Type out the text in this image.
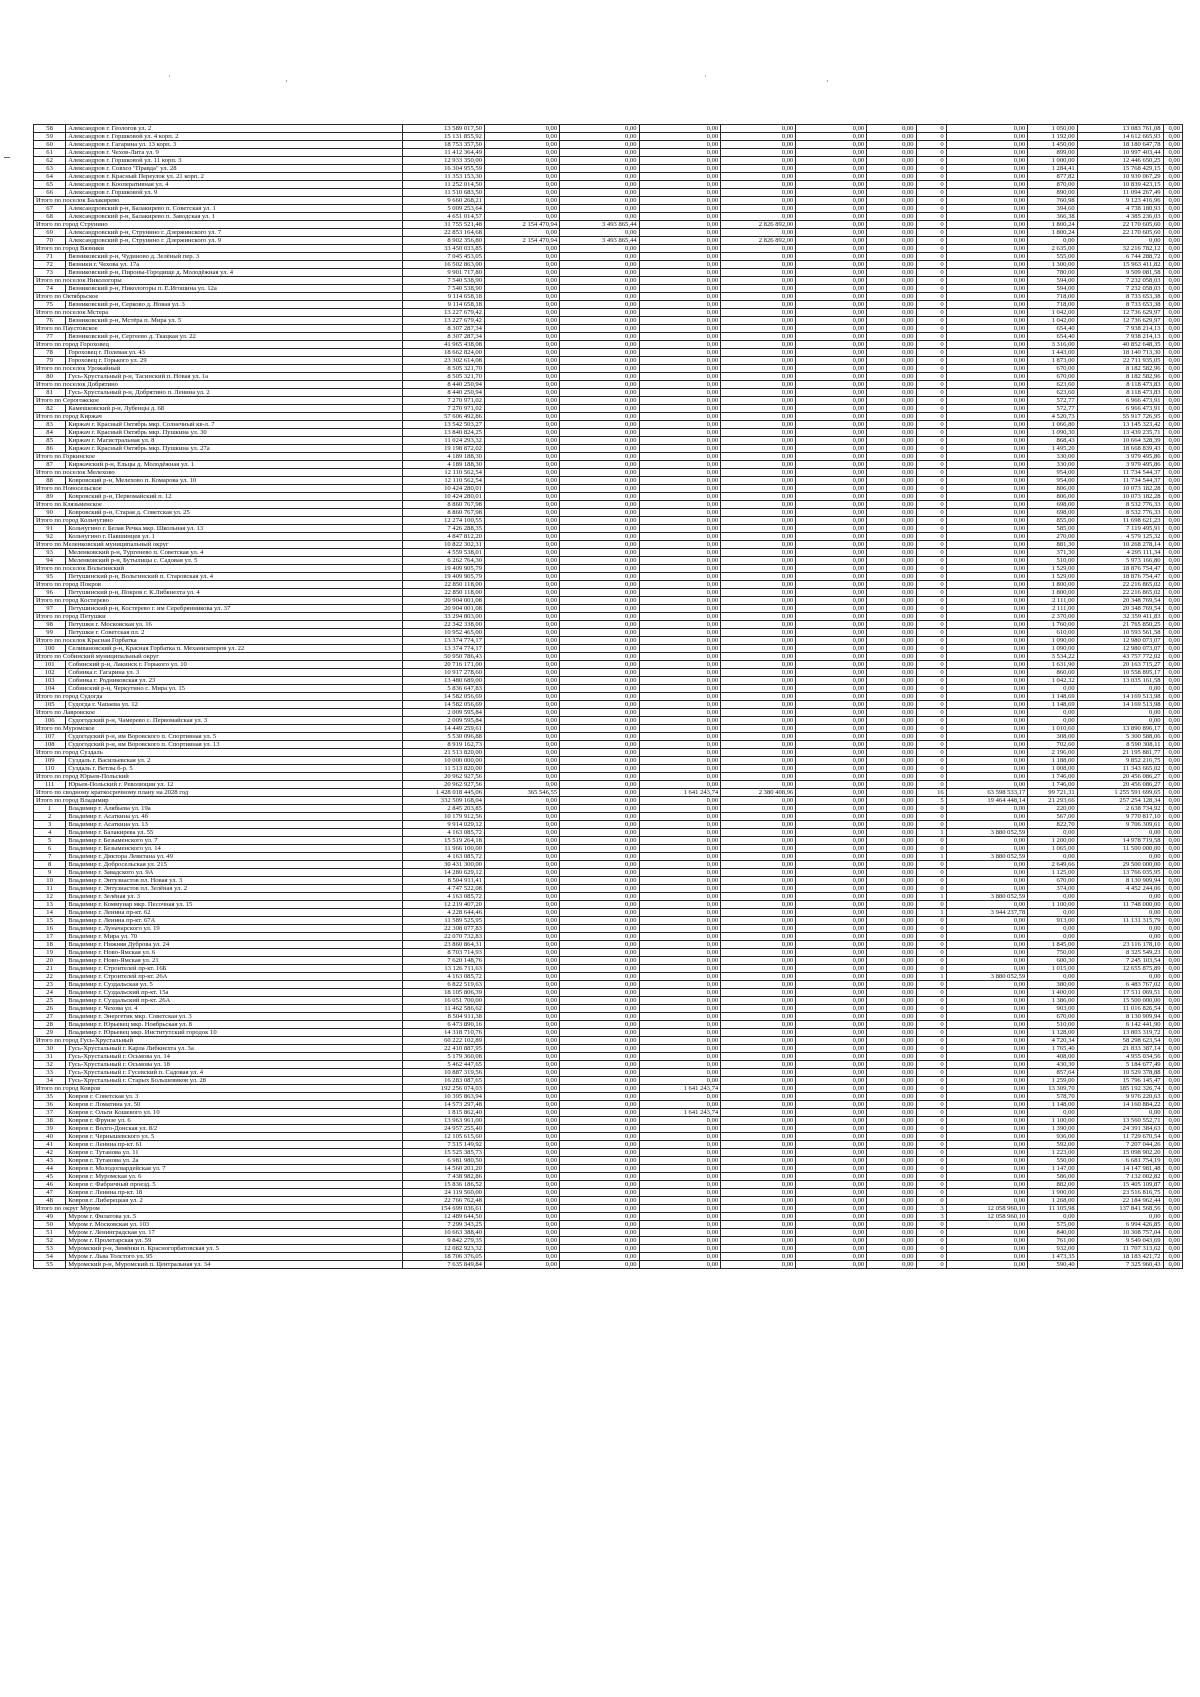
˙	·	˙	·
58	Александров г. Геологов ул. 2	13 589 017,50	0,00	0,00	0,00	0,00	0,00	0,00	0	0,00	1 050,00	13 083 761,08	0,00
59	Александров г. Горшковой ул. 4 корп. 2	15 131 855,92	0,00	0,00	0,00	0,00	0,00	0,00	0	0,00	1 192,00	14 612 665,93	0,00
60	Александров г. Гагарина ул. 13 корп. 3	18 753 357,50	0,00	0,00	0,00	0,00	0,00	0,00	0	0,00	1 450,00	18 180 647,78	0,00
61	Александров г. Чехов-Лита ул. 9	11 412 364,49	0,00	0,00	0,00	0,00	0,00	0,00	0	0,00	899,00	10 997 403,44	0,00
62	Александров г. Горшковой ул. 11 корп. 3	12 933 350,00	0,00	0,00	0,00	0,00	0,00	0,00	0	0,00	1 000,00	12 446 650,25	0,00
63	Александров г. Совхоз "Правда" ул. 28	16 304 955,59	0,00	0,00	0,00	0,00	0,00	0,00	0	0,00	1 284,41	15 768 429,15	0,00
64	Александров г. Красный Переулок ул. 21 корп. 2	11 353 153,30	0,00	0,00	0,00	0,00	0,00	0,00	0	0,00	877,82	10 939 067,29	0,00
65	Александров г. Кооперативная ул. 4	11 252 014,50	0,00	0,00	0,00	0,00	0,00	0,00	0	0,00	870,00	10 839 423,15	0,00
66	Александров г. Горшковой ул. 9	11 510 683,50	0,00	0,00	0,00	0,00	0,00	0,00	0	0,00	890,00	11 094 267,49	0,00
Итого по поселок Балакирево		9 660 268,21	0,00	0,00	0,00	0,00	0,00	0,00	0	0,00	760,98	9 123 416,96	0,00
67	Александровский р-н, Балакирево п. Советская ул. 1	5 009 253,64	0,00	0,00	0,00	0,00	0,00	0,00	0	0,00	394,60	4 738 180,93	0,00
68	Александровский р-н, Балакирево п. Заводская ул. 1	4 651 014,57	0,00	0,00	0,00	0,00	0,00	0,00	0	0,00	366,38	4 385 236,03	0,00
Итого по город Струнино		31 755 521,48	2 154 470,94	3 493 865,44	0,00	2 826 892,00	0,00	0,00	0	0,00	1 800,24	22 170 605,60	0,00
69	Александровский р-н, Струнино г. Дзержинского ул. 7	22 853 164,68	0,00	0,00	0,00	0,00	0,00	0,00	0	0,00	1 800,24	22 170 605,60	0,00
70	Александровский р-н, Струнино г. Дзержинского ул. 9	8 902 356,80	2 154 470,94	3 493 865,44	0,00	2 826 892,00	0,00	0,00	0	0,00	0,00	0,00	0,00
Итого по город Вязники		33 450 033,85	0,00	0,00	0,00	0,00	0,00	0,00	0	0,00	2 635,00	32 216 782,12	0,00
71	Вязниковский р-н, Чудиново д. Зелёный пер. 3	7 045 453,05	0,00	0,00	0,00	0,00	0,00	0,00	0	0,00	555,00	6 744 288,72	0,00
72	Вязники г. Чехова ул. 17а	16 502 863,00	0,00	0,00	0,00	0,00	0,00	0,00	0	0,00	1 300,00	15 963 411,82	0,00
73	Вязниковский р-н, Пироны-Городище д. Молодёжная ул. 4	9 901 717,80	0,00	0,00	0,00	0,00	0,00	0,00	0	0,00	780,00	9 509 081,58	0,00
Итого по поселок Никологоры		7 540 538,90	0,00	0,00	0,00	0,00	0,00	0,00	0	0,00	594,00	7 232 058,03	0,00
74	Вязниковский р-н, Никологоры п. Е.Игошина ул. 12а	7 540 538,90	0,00	0,00	0,00	0,00	0,00	0,00	0	0,00	594,00	7 232 058,03	0,00
Итого по Октябрьское		9 114 658,18	0,00	0,00	0,00	0,00	0,00	0,00	0	0,00	718,00	8 733 653,38	0,00
75	Вязниковский р-н, Серково д. Новая ул. 3	9 114 658,18	0,00	0,00	0,00	0,00	0,00	0,00	0	0,00	718,00	8 733 653,38	0,00
Итого по поселок Мстера		13 227 679,42	0,00	0,00	0,00	0,00	0,00	0,00	0	0,00	1 042,00	12 736 629,97	0,00
76	Вязниковский р-н, Мстёра п. Мира ул. 5	13 227 679,42	0,00	0,00	0,00	0,00	0,00	0,00	0	0,00	1 042,00	12 736 629,97	0,00
Итого по Паустовское		8 307 287,34	0,00	0,00	0,00	0,00	0,00	0,00	0	0,00	654,40	7 938 214,13	0,00
77	Вязниковский р-н, Сергеево д. Ткацкая ул. 22	8 307 287,34	0,00	0,00	0,00	0,00	0,00	0,00	0	0,00	654,40	7 938 214,13	0,00
Итого по город Гороховец		41 965 438,08	0,00	0,00	0,00	0,00	0,00	0,00	0	0,00	3 316,00	40 852 648,35	0,00
78	Гороховец г. Полевая ул. 43	18 662 824,00	0,00	0,00	0,00	0,00	0,00	0,00	0	0,00	1 443,00	18 140 713,30	0,00
79	Гороховец г. Горького ул. 29	23 302 614,08	0,00	0,00	0,00	0,00	0,00	0,00	0	0,00	1 873,00	22 711 935,05	0,00
Итого по поселок Урожайный		8 505 321,70	0,00	0,00	0,00	0,00	0,00	0,00	0	0,00	670,00	8 182 582,96	0,00
80	Гусь-Хрустальный р-н, Тасинский п. Новая ул. 1а	8 505 321,70	0,00	0,00	0,00	0,00	0,00	0,00	0	0,00	670,00	8 182 582,96	0,00
Итого по поселок Добрятино		8 440 250,94	0,00	0,00	0,00	0,00	0,00	0,00	0	0,00	623,60	8 118 473,83	0,00
81	Гусь-Хрустальный р-н, Добрятино п. Ленина ул. 2	8 440 250,94	0,00	0,00	0,00	0,00	0,00	0,00	0	0,00	623,60	8 118 473,83	0,00
Итого по Серогожское		7 270 971,02	0,00	0,00	0,00	0,00	0,00	0,00	0	0,00	572,77	6 966 473,91	0,00
82	Камешковский р-н, Лубенцы д. 68	7 270 971,02	0,00	0,00	0,00	0,00	0,00	0,00	0	0,00	572,77	6 966 473,91	0,00
Итого по город Киржач		57 606 492,86	0,00	0,00	0,00	0,00	0,00	0,00	0	0,00	4 520,73	55 917 726,95	0,00
83	Киржач г. Красный Октябрь мкр. Солнечный кв-л. 7	13 542 503,27	0,00	0,00	0,00	0,00	0,00	0,00	0	0,00	1 066,80	13 145 323,42	0,00
84	Киржач г. Красный Октябрь мкр. Пушкина ул. 30	13 840 824,25	0,00	0,00	0,00	0,00	0,00	0,00	0	0,00	1 090,30	13 439 235,71	0,00
85	Киржач г. Магистральная ул. 8	11 024 293,32	0,00	0,00	0,00	0,00	0,00	0,00	0	0,00	868,43	10 664 328,39	0,00
86	Киржач г. Красный Октябрь мкр. Пушкина ул. 27а	19 198 872,02	0,00	0,00	0,00	0,00	0,00	0,00	0	0,00	1 495,20	18 668 839,43	0,00
Итого по Горкинское		4 189 188,30	0,00	0,00	0,00	0,00	0,00	0,00	0	0,00	330,00	3 979 495,86	0,00
87	Киржачский р-н, Ельцы д. Молодёжная ул. 1	4 189 188,30	0,00	0,00	0,00	0,00	0,00	0,00	0	0,00	330,00	3 979 495,86	0,00
Итого по поселок Мелехово		12 110 562,54	0,00	0,00	0,00	0,00	0,00	0,00	0	0,00	954,00	11 734 544,37	0,00
88	Ковровский р-н, Мелехово п. Комарова ул. 10	12 110 562,54	0,00	0,00	0,00	0,00	0,00	0,00	0	0,00	954,00	11 734 544,37	0,00
Итого по Новосельское		10 424 280,01	0,00	0,00	0,00	0,00	0,00	0,00	0	0,00	806,00	10 073 182,28	0,00
89	Ковровский р-н, Первомайский п. 12	10 424 280,01	0,00	0,00	0,00	0,00	0,00	0,00	0	0,00	806,00	10 073 182,28	0,00
Итого по Клязьменское		8 860 767,98	0,00	0,00	0,00	0,00	0,00	0,00	0	0,00	698,00	8 532 776,33	0,00
90	Ковровский р-н, Старая д. Советская ул. 25	8 860 767,98	0,00	0,00	0,00	0,00	0,00	0,00	0	0,00	698,00	8 532 776,33	0,00
Итого по город Кольчугино		12 274 100,55	0,00	0,00	0,00	0,00	0,00	0,00	0	0,00	855,00	11 698 621,23	0,00
91	Кольчугино г. Белая Речка мкр. Школьная ул. 13	7 426 288,35	0,00	0,00	0,00	0,00	0,00	0,00	0	0,00	585,00	7 119 495,91	0,00
92	Кольчугино г. Павшинцев ул. 1	4 847 812,20	0,00	0,00	0,00	0,00	0,00	0,00	0	0,00	270,00	4 579 125,32	0,00
Итого по Меленковский муниципальный округ		10 822 302,31	0,00	0,00	0,00	0,00	0,00	0,00	0	0,00	881,30	10 268 278,14	0,00
93	Меленковский р-н, Тургенево п. Советская ул. 4	4 559 538,01	0,00	0,00	0,00	0,00	0,00	0,00	0	0,00	371,30	4 295 111,34	0,00
94	Меленковский р-н, Бутылицы с. Садовая ул. 5	6 262 764,30	0,00	0,00	0,00	0,00	0,00	0,00	0	0,00	510,00	5 973 166,80	0,00
Итого по поселок Вольгинский		19 409 905,79	0,00	0,00	0,00	0,00	0,00	0,00	0	0,00	1 529,00	18 876 754,47	0,00
95	Петушинский р-н, Вольгинский п. Старовская ул. 4	19 409 905,79	0,00	0,00	0,00	0,00	0,00	0,00	0	0,00	1 529,00	18 876 754,47	0,00
Итого по город Покров		22 850 118,00	0,00	0,00	0,00	0,00	0,00	0,00	0	0,00	1 800,00	22 216 865,02	0,00
96	Петушинский р-н, Покров г. К.Либкнехта ул. 4	22 850 118,00	0,00	0,00	0,00	0,00	0,00	0,00	0	0,00	1 800,00	22 216 865,02	0,00
Итого по город Костерево		20 904 001,08	0,00	0,00	0,00	0,00	0,00	0,00	0	0,00	2 111,00	20 348 769,54	0,00
97	Петушинский р-н, Костерево г. им Серебрянникова ул. 37	20 904 001,08	0,00	0,00	0,00	0,00	0,00	0,00	0	0,00	2 111,00	20 348 769,54	0,00
Итого по город Петушки		33 294 803,00	0,00	0,00	0,00	0,00	0,00	0,00	0	0,00	2 370,00	32 359 411,83	0,00
98	Петушки г. Московская ул. 16	22 342 338,00	0,00	0,00	0,00	0,00	0,00	0,00	0	0,00	1 760,00	21 765 850,25	0,00
99	Петушки г. Советская пл. 2	10 952 465,00	0,00	0,00	0,00	0,00	0,00	0,00	0	0,00	610,00	10 593 561,58	0,00
Итого по поселок Красная Горбатка		13 374 774,17	0,00	0,00	0,00	0,00	0,00	0,00	0	0,00	1 090,00	12 980 073,07	0,00
100	Селивановский р-н, Красная Горбатка п. Механизаторов ул. 22	13 374 774,17	0,00	0,00	0,00	0,00	0,00	0,00	0	0,00	1 090,00	12 980 073,07	0,00
Итого по Собинский муниципальный округ		50 950 786,43	0,00	0,00	0,00	0,00	0,00	0,00	0	0,00	3 534,22	43 757 772,02	0,00
101	Собинский р-н, Лакинск г. Горького ул. 10	20 716 171,00	0,00	0,00	0,00	0,00	0,00	0,00	0	0,00	1 631,90	20 163 715,27	0,00
102	Собинка г. Гагарина ул. 3	10 917 278,60	0,00	0,00	0,00	0,00	0,00	0,00	0	0,00	860,00	10 558 895,17	0,00
103	Собинка г. Родниковская ул. 23	13 480 689,00	0,00	0,00	0,00	0,00	0,00	0,00	0	0,00	1 042,32	13 035 161,58	0,00
104	Собинский р-н, Черкутино с. Мира ул. 15	5 836 647,83	0,00	0,00	0,00	0,00	0,00	0,00	0	0,00	0,00	0,00	0,00
Итого по город Судогда		14 582 056,69	0,00	0,00	0,00	0,00	0,00	0,00	0	0,00	1 148,69	14 169 513,98	0,00
105	Судогда г. Чапаева ул. 12	14 582 056,69	0,00	0,00	0,00	0,00	0,00	0,00	0	0,00	1 148,69	14 169 513,98	0,00
Итого по Лавровское		2 009 595,84	0,00	0,00	0,00	0,00	0,00	0,00	0	0,00	0,00	0,00	0,00
106	Судогодский р-н, Чамерево с. Первомайская ул. 3	2 009 595,84	0,00	0,00	0,00	0,00	0,00	0,00	0	0,00	0,00	0,00	0,00
Итого по Муромское		14 449 259,61	0,00	0,00	0,00	0,00	0,00	0,00	0	0,00	1 010,60	13 890 896,17	0,00
107	Судогодский р-н, им Воровского п. Спортивная ул. 5	5 530 096,88	0,00	0,00	0,00	0,00	0,00	0,00	0	0,00	308,00	5 300 588,06	0,00
108	Судогодский р-н, им Воровского п. Спортивная ул. 13	8 919 162,73	0,00	0,00	0,00	0,00	0,00	0,00	0	0,00	702,60	8 590 308,11	0,00
Итого по город Суздаль		21 513 820,00	0,00	0,00	0,00	0,00	0,00	0,00	0	0,00	2 196,00	21 195 881,77	0,00
109	Суздаль г. Васильевская ул. 2	10 000 000,00	0,00	0,00	0,00	0,00	0,00	0,00	0	0,00	1 188,00	9 852 216,75	0,00
110	Суздаль г. Ветлы б-р. 5	11 513 820,00	0,00	0,00	0,00	0,00	0,00	0,00	0	0,00	1 008,00	11 343 665,02	0,00
Итого по город Юрьев-Польский		20 962 927,56	0,00	0,00	0,00	0,00	0,00	0,00	0	0,00	1 746,00	20 456 086,27	0,00
111	Юрьев-Польский г. Революции ул. 12	20 962 927,56	0,00	0,00	0,00	0,00	0,00	0,00	0	0,00	1 746,00	20 456 086,27	0,00
Итого по сводному краткосрочному плану на 2028 год		1 428 018 445,06	365 546,55	0,00	1 641 243,74	2 380 408,96	0,00	0,00	16	63 598 533,17	99 721,31	1 255 591 699,65	0,00
Итого по город Владимир		332 509 168,04	0,00	0,00	0,00	0,00	0,00	0,00	5	19 464 448,14	21 293,66	257 254 128,34	0,00
1	Владимир г. Алябьева ул. 19а	2 845 203,85	0,00	0,00	0,00	0,00	0,00	0,00	0	0,00	220,00	2 638 734,92	0,00
2	Владимир г. Асаткина ул. 4б	10 179 912,56	0,00	0,00	0,00	0,00	0,00	0,00	0	0,00	567,00	9 770 817,10	0,00
3	Владимир г. Асаткина ул. 13	9 914 029,12	0,00	0,00	0,00	0,00	0,00	0,00	0	0,00	822,70	9 706 309,61	0,00
4	Владимир г. Балакирева ул. 55	4 163 085,72	0,00	0,00	0,00	0,00	0,00	0,00	1	3 880 052,59	0,00	0,00	0,00
5	Владимир г. Безыменского ул. 7	15 519 264,18	0,00	0,00	0,00	0,00	0,00	0,00	0	0,00	1 200,00	14 978 719,58	0,00
6	Владимир г. Безыменского ул. 14	11 966 100,00	0,00	0,00	0,00	0,00	0,00	0,00	0	0,00	1 065,00	11 500 000,00	0,00
7	Владимир г. Диктора Левитана ул. 49	4 163 085,72	0,00	0,00	0,00	0,00	0,00	0,00	1	3 880 052,59	0,00	0,00	0,00
8	Владимир г. Добросельская ул. 215	30 431 300,00	0,00	0,00	0,00	0,00	0,00	0,00	0	0,00	2 649,66	29 500 000,00	0,00
9	Владимир г. Завадского ул. 9А	14 280 629,12	0,00	0,00	0,00	0,00	0,00	0,00	0	0,00	1 125,00	13 766 035,95	0,00
10	Владимир г. Энтузиастов пл. Новая ул. 3	8 504 911,41	0,00	0,00	0,00	0,00	0,00	0,00	0	0,00	670,00	8 130 909,94	0,00
11	Владимир г. Энтузиастов пл. Зелёная ул. 2	4 747 522,08	0,00	0,00	0,00	0,00	0,00	0,00	0	0,00	374,00	4 452 244,06	0,00
12	Владимир г. Зелёная ул. 3	4 163 085,72	0,00	0,00	0,00	0,00	0,00	0,00	1	3 880 052,59	0,00	0,00	0,00
13	Владимир г. Коммунар мкр. Песочная ул. 15	12 219 407,20	0,00	0,00	0,00	0,00	0,00	0,00	0	0,00	1 100,00	11 748 000,00	0,00
14	Владимир г. Ленина пр-кт. 62	4 228 644,46	0,00	0,00	0,00	0,00	0,00	0,00	1	3 944 237,78	0,00	0,00	0,00
15	Владимир г. Ленина пр-кт. 67А	11 589 525,95	0,00	0,00	0,00	0,00	0,00	0,00	0	0,00	913,00	11 131 315,79	0,00
16	Владимир г. Луначарского ул. 19	22 308 077,83	0,00	0,00	0,00	0,00	0,00	0,00	0	0,00	0,00	0,00	0,00
17	Владимир г. Мира ул. 70	22 070 732,83	0,00	0,00	0,00	0,00	0,00	0,00	0	0,00	0,00	0,00	0,00
18	Владимир г. Нижняя Дуброва ул. 24	23 860 864,31	0,00	0,00	0,00	0,00	0,00	0,00	0	0,00	1 845,00	23 116 178,10	0,00
19	Владимир г. Ново-Ямская ул. 6	8 703 714,93	0,00	0,00	0,00	0,00	0,00	0,00	0	0,00	750,00	8 325 549,23	0,00
20	Владимир г. Ново-Ямская ул. 21	7 620 148,76	0,00	0,00	0,00	0,00	0,00	0,00	0	0,00	600,30	7 245 103,54	0,00
21	Владимир г. Строителей пр-кт. 16Б	13 126 711,63	0,00	0,00	0,00	0,00	0,00	0,00	0	0,00	1 015,00	12 655 875,89	0,00
22	Владимир г. Строителей пр-кт. 26А	4 163 085,72	0,00	0,00	0,00	0,00	0,00	0,00	1	3 880 052,59	0,00	0,00	0,00
23	Владимир г. Суздальская ул. 5	6 822 519,63	0,00	0,00	0,00	0,00	0,00	0,00	0	0,00	380,00	6 483 767,02	0,00
24	Владимир г. Суздальский пр-кт. 15а	18 105 806,39	0,00	0,00	0,00	0,00	0,00	0,00	0	0,00	1 400,00	17 511 069,51	0,00
25	Владимир г. Суздальский пр-кт. 26А	16 051 700,00	0,00	0,00	0,00	0,00	0,00	0,00	0	0,00	1 386,00	15 500 000,00	0,00
26	Владимир г. Чехова ул. 4	11 462 586,62	0,00	0,00	0,00	0,00	0,00	0,00	0	0,00	903,00	11 016 826,54	0,00
27	Владимир г. Энергетик мкр. Советская ул. 3	8 504 911,38	0,00	0,00	0,00	0,00	0,00	0,00	0	0,00	670,00	8 130 909,94	0,00
28	Владимир г. Юрьевец мкр. Ноябрьская ул. 8	6 473 890,16	0,00	0,00	0,00	0,00	0,00	0,00	0	0,00	510,00	6 142 441,90	0,00
29	Владимир г. Юрьевец мкр. Институтский городок 10	14 318 710,76	0,00	0,00	0,00	0,00	0,00	0,00	0	0,00	1 128,00	13 803 319,72	0,00
Итого по город Гусь-Хрустальный		60 222 102,89	0,00	0,00	0,00	0,00	0,00	0,00	0	0,00	4 720,34	58 298 623,54	0,00
30	Гусь-Хрустальный г. Карла Либкнехта ул. 3а	22 410 887,95	0,00	0,00	0,00	0,00	0,00	0,00	0	0,00	1 765,40	21 833 387,14	0,00
31	Гусь-Хрустальный г. Осьмова ул. 14	5 179 360,08	0,00	0,00	0,00	0,00	0,00	0,00	0	0,00	408,00	4 955 034,56	0,00
32	Гусь-Хрустальный г. Осьмова ул. 18	5 462 447,65	0,00	0,00	0,00	0,00	0,00	0,00	0	0,00	430,30	5 184 677,49	0,00
33	Гусь-Хрустальный г. Гусевский п. Садовая ул. 4	10 887 319,56	0,00	0,00	0,00	0,00	0,00	0,00	0	0,00	857,64	10 529 378,88	0,00
34	Гусь-Хрустальный г. Старых Большевиков ул. 28	16 283 087,65	0,00	0,00	0,00	0,00	0,00	0,00	0	0,00	1 259,00	15 796 145,47	0,00
Итого по город Ковров		192 256 074,03	0,00	0,00	1 641 243,74	0,00	0,00	0,00	0	0,00	13 309,70	185 192 326,74	0,00
35	Ковров г. Советская ул. 3	10 395 863,94	0,00	0,00	0,00	0,00	0,00	0,00	0	0,00	578,70	9 976 220,63	0,00
36	Ковров г. Ломатина ул. 50	14 573 297,48	0,00	0,00	0,00	0,00	0,00	0,00	0	0,00	1 148,00	14 160 884,22	0,00
37	Ковров г. Ольги Кошевого ул. 10	1 815 862,40	0,00	0,00	1 641 243,74	0,00	0,00	0,00	0	0,00	0,00	0,00	0,00
38	Ковров г. Фрунзе ул. 6	13 963 961,00	0,00	0,00	0,00	0,00	0,00	0,00	0	0,00	1 100,00	13 560 552,71	0,00
39	Ковров г. Волго-Донская ул. 8/2	24 957 255,40	0,00	0,00	0,00	0,00	0,00	0,00	0	0,00	1 390,00	24 391 384,63	0,00
40	Ковров г. Чернышевского ул. 5	12 105 615,60	0,00	0,00	0,00	0,00	0,00	0,00	0	0,00	936,00	11 729 670,54	0,00
41	Ковров г. Ленина пр-кт. 61	7 515 149,92	0,00	0,00	0,00	0,00	0,00	0,00	0	0,00	592,00	7 207 044,26	0,00
42	Ковров г. Тутанова ул. 11	15 525 385,73	0,00	0,00	0,00	0,00	0,00	0,00	0	0,00	1 223,00	15 098 902,20	0,00
43	Ковров г. Тутанова ул. 2а	6 981 980,50	0,00	0,00	0,00	0,00	0,00	0,00	0	0,00	550,00	6 681 754,19	0,00
44	Ковров г. Молодогвардейская ул. 7	14 560 201,20	0,00	0,00	0,00	0,00	0,00	0,00	0	0,00	1 147,00	14 147 981,48	0,00
45	Ковров г. Муромская ул. 6	7 438 982,86	0,00	0,00	0,00	0,00	0,00	0,00	0	0,00	586,00	7 132 002,82	0,00
46	Ковров г. Фабричный проезд. 5	15 836 186,52	0,00	0,00	0,00	0,00	0,00	0,00	0	0,00	882,00	15 405 109,87	0,00
47	Ковров г. Ленина пр-кт. 18	24 119 560,00	0,00	0,00	0,00	0,00	0,00	0,00	0	0,00	1 900,00	23 516 816,75	0,00
48	Ковров г. Либерецкая ул. 2	22 766 762,48	0,00	0,00	0,00	0,00	0,00	0,00	0	0,00	1 268,00	22 184 962,44	0,00
Итого по округ Муром		154 699 036,61	0,00	0,00	0,00	0,00	0,00	0,00	3	12 058 960,10	11 105,98	137 841 568,56	0,00
49	Муром г. Филатова ул. 5	12 489 644,50	0,00	0,00	0,00	0,00	0,00	0,00	3	12 058 960,10	0,00	0,00	0,00
50	Муром г. Московская ул. 103	7 299 343,25	0,00	0,00	0,00	0,00	0,00	0,00	0	0,00	575,00	6 994 426,85	0,00
51	Муром г. Ленинградская ул. 17	10 663 388,40	0,00	0,00	0,00	0,00	0,00	0,00	0	0,00	840,00	10 308 757,04	0,00
52	Муром г. Пролетарская ул. 59	9 842 279,35	0,00	0,00	0,00	0,00	0,00	0,00	0	0,00	761,00	9 549 043,69	0,00
53	Муромский р-н, Зимёнки п. Красногорбатовская ул. 5	12 082 923,32	0,00	0,00	0,00	0,00	0,00	0,00	0	0,00	932,00	11 707 313,62	0,00
54	Муром г. Льва Толстого ул. 95	18 706 376,05	0,00	0,00	0,00	0,00	0,00	0,00	0	0,00	1 473,35	18 183 421,72	0,00
55	Муромский р-н, Муромский п. Центральная ул. 34	7 635 849,84	0,00	0,00	0,00	0,00	0,00	0,00	0	0,00	590,40	7 325 960,43	0,00
